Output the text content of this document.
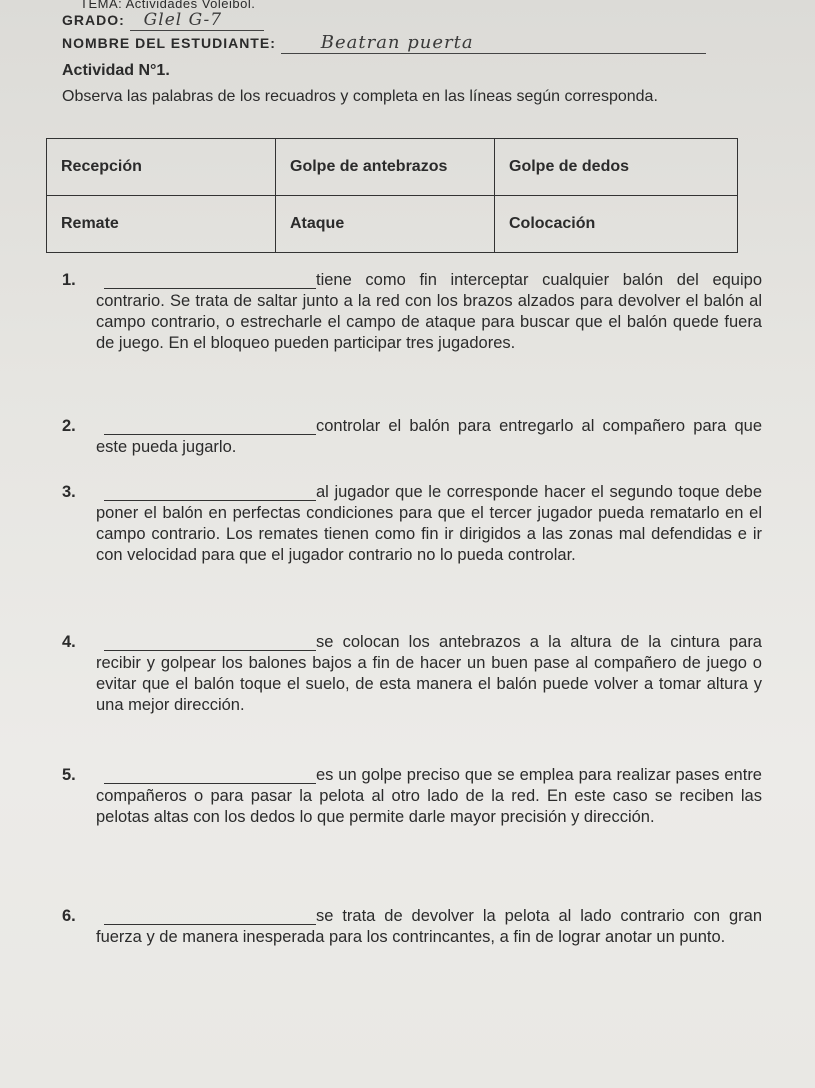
TEMA: Actividades Voleibol.
GRADO: Glel G-7
NOMBRE DEL ESTUDIANTE: Beatran puerta
Actividad N°1.
Observa las palabras de los recuadros y completa en las líneas según corresponda.
Recepción	Golpe de antebrazos	Golpe de dedos
Remate	Ataque	Colocación
1.	tiene como fin interceptar cualquier balón del equipo contrario. Se trata de saltar junto a la red con los brazos alzados para devolver el balón al campo contrario, o estrecharle el campo de ataque para buscar que el balón quede fuera de juego. En el bloqueo pueden participar tres jugadores.

2.	controlar el balón para entregarlo al compañero para que este pueda jugarlo.

3.	al jugador que le corresponde hacer el segundo toque debe poner el balón en perfectas condiciones para que el tercer jugador pueda rematarlo en el campo contrario. Los remates tienen como fin ir dirigidos a las zonas mal defendidas e ir con velocidad para que el jugador contrario no lo pueda controlar.

4.	se colocan los antebrazos a la altura de la cintura para recibir y golpear los balones bajos a fin de hacer un buen pase al compañero de juego o evitar que el balón toque el suelo, de esta manera el balón puede volver a tomar altura y una mejor dirección.

5.	es un golpe preciso que se emplea para realizar pases entre compañeros o para pasar la pelota al otro lado de la red. En este caso se reciben las pelotas altas con los dedos lo que permite darle mayor precisión y dirección.

6.	se trata de devolver la pelota al lado contrario con gran fuerza y de manera inesperada para los contrincantes, a fin de lograr anotar un punto.
